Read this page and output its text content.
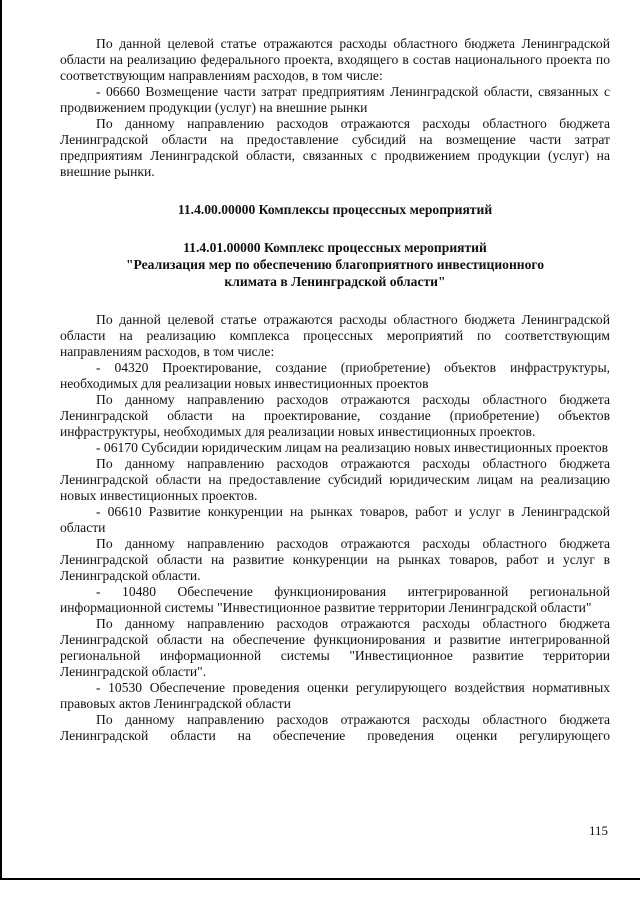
По данной целевой статье отражаются расходы областного бюджета Ленинградской области на реализацию федерального проекта, входящего в состав национального проекта по соответствующим направлениям расходов, в том числе:

- 06660 Возмещение части затрат предприятиям Ленинградской области, связанных с продвижением продукции (услуг) на внешние рынки

По данному направлению расходов отражаются расходы областного бюджета Ленинградской области на предоставление субсидий на возмещение части затрат предприятиям Ленинградской области, связанных с продвижением продукции (услуг) на внешние рынки.

11.4.00.00000 Комплексы процессных мероприятий
11.4.01.00000 Комплекс процессных мероприятий
"Реализация мер по обеспечению благоприятного инвестиционного
климата в Ленинградской области"

По данной целевой статье отражаются расходы областного бюджета Ленинградской области на реализацию комплекса процессных мероприятий по соответствующим направлениям расходов, в том числе:

- 04320 Проектирование, создание (приобретение) объектов инфраструктуры, необходимых для реализации новых инвестиционных проектов

По данному направлению расходов отражаются расходы областного бюджета Ленинградской области на проектирование, создание (приобретение) объектов инфраструктуры, необходимых для реализации новых инвестиционных проектов.

- 06170 Субсидии юридическим лицам на реализацию новых инвестиционных проектов

По данному направлению расходов отражаются расходы областного бюджета Ленинградской области на предоставление субсидий юридическим лицам на реализацию новых инвестиционных проектов.

- 06610 Развитие конкуренции на рынках товаров, работ и услуг в Ленинградской области

По данному направлению расходов отражаются расходы областного бюджета Ленинградской области на развитие конкуренции на рынках товаров, работ и услуг в Ленинградской области.

- 10480 Обеспечение функционирования интегрированной региональной информационной системы "Инвестиционное развитие территории Ленинградской области"

По данному направлению расходов отражаются расходы областного бюджета Ленинградской области на обеспечение функционирования и развитие интегрированной региональной информационной системы "Инвестиционное развитие территории Ленинградской области".

- 10530 Обеспечение проведения оценки регулирующего воздействия нормативных правовых актов Ленинградской области

По данному направлению расходов отражаются расходы областного бюджета Ленинградской области на обеспечение проведения оценки регулирующего

115
